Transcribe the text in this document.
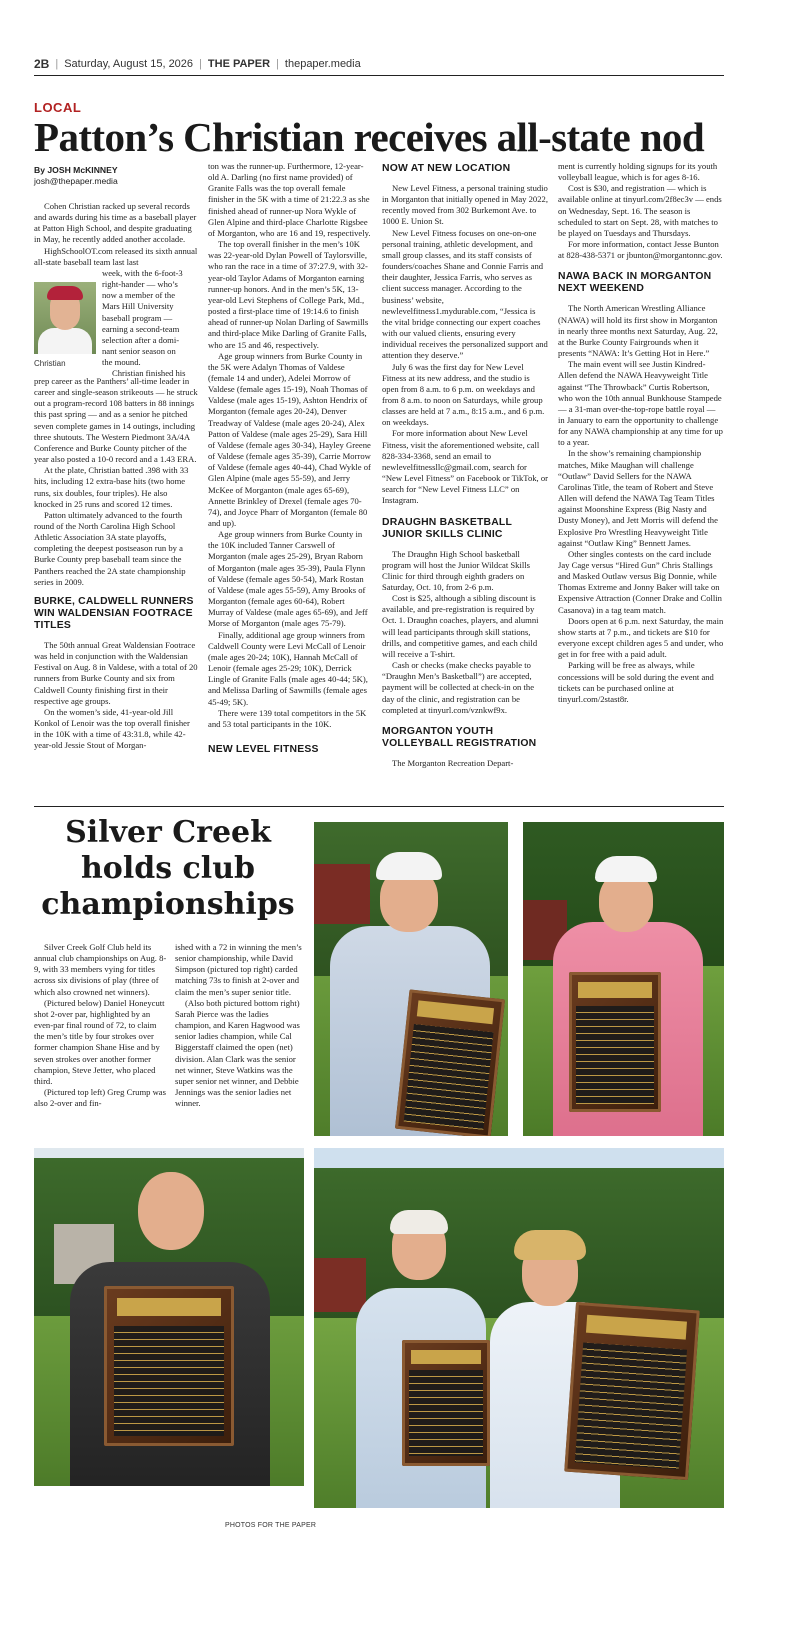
2B | Saturday, August 15, 2026 | THE PAPER | thepaper.media
LOCAL
Patton’s Christian receives all-state nod
By JOSH McKINNEY
josh@thepaper.media

Cohen Christian racked up several records and awards during his time as a baseball player at Patton High School, and despite graduating in May, he recently added another accolade.

HighSchoolOT.com released its sixth annual all-state baseball team last last

week, with the 6-foot-3
right-hander — who’s
now a member of the
Mars Hill University
baseball program —
earning a second-team
selection after a domi-
nant senior season on
the mound.
Christian finished his

prep career as the Panthers’ all-time leader in career and single-season strikeouts — he struck out a program-record 108 batters in 88 innings this past spring — and as a senior he pitched seven complete games in 14 outings, including three shutouts. The Western Piedmont 3A/4A Conference and Burke County pitcher of the year also posted a 10-0 record and a 1.43 ERA.

At the plate, Christian batted .398 with 33 hits, including 12 extra-base hits (two home runs, six doubles, four triples). He also knocked in 25 runs and scored 12 times.

Patton ultimately advanced to the fourth round of the North Carolina High School Athletic Association 3A state playoffs, completing the deepest postseason run by a Burke County prep baseball team since the Panthers reached the 2A state championship series in 2009.

BURKE, CALDWELL RUNNERS WIN WALDENSIAN FOOTRACE TITLES

The 50th annual Great Waldensian Footrace was held in conjunction with the Waldensian Festival on Aug. 8 in Valdese, with a total of 20 runners from Burke County and six from Caldwell County finishing first in their respective age groups.

On the women’s side, 41-year-old Jill Konkol of Lenoir was the top overall finisher in the 10K with a time of 43:31.8, while 42-year-old Jessie Stout of Morgan-

Christian

ton was the runner-up. Furthermore, 12-year-old A. Darling (no first name provided) of Granite Falls was the top overall female finisher in the 5K with a time of 21:22.3 as she finished ahead of runner-up Nora Wykle of Glen Alpine and third-place Charlotte Rigsbee of Morganton, who are 16 and 19, respectively.

The top overall finisher in the men’s 10K was 22-year-old Dylan Powell of Taylorsville, who ran the race in a time of 37:27.9, with 32-year-old Taylor Adams of Morganton earning runner-up honors. And in the men’s 5K, 13-year-old Levi Stephens of College Park, Md., posted a first-place time of 19:14.6 to finish ahead of runner-up Nolan Darling of Sawmills and third-place Mike Darling of Granite Falls, who are 15 and 46, respectively.

Age group winners from Burke County in the 5K were Adalyn Thomas of Valdese (female 14 and under), Adelei Morrow of Valdese (female ages 15-19), Noah Thomas of Valdese (male ages 15-19), Ashton Hendrix of Morganton (female ages 20-24), Denver Treadway of Valdese (male ages 20-24), Alex Patton of Valdese (male ages 25-29), Sara Hill of Valdese (female ages 30-34), Hayley Greene of Valdese (female ages 35-39), Carrie Morrow of Valdese (female ages 40-44), Chad Wykle of Glen Alpine (male ages 55-59), and Jerry McKee of Morganton (male ages 65-69), Annette Brinkley of Drexel (female ages 70-74), and Joyce Pharr of Morganton (female 80 and up).

Age group winners from Burke County in the 10K included Tanner Carswell of Morganton (male ages 25-29), Bryan Raborn of Morganton (male ages 35-39), Paula Flynn of Valdese (female ages 50-54), Mark Rostan of Valdese (male ages 55-59), Amy Brooks of Morganton (female ages 60-64), Robert Murray of Valdese (male ages 65-69), and Jeff Morse of Morganton (male ages 75-79).

Finally, additional age group winners from Caldwell County were Levi McCall of Lenoir (male ages 20-24; 10K), Hannah McCall of Lenoir (female ages 25-29; 10K), Derrick Lingle of Granite Falls (male ages 40-44; 5K), and Melissa Darling of Sawmills (female ages 45-49; 5K).

There were 139 total competitors in the 5K and 53 total participants in the 10K.

NEW LEVEL FITNESS
NOW AT NEW LOCATION

New Level Fitness, a personal training studio in Morganton that initially opened in May 2022, recently moved from 302 Burkemont Ave. to 1000 E. Union St.

New Level Fitness focuses on one-on-one personal training, athletic development, and small group classes, and its staff consists of founders/coaches Shane and Connie Farris and their daughter, Jessica Farris, who serves as client success manager. According to the business’ website, newlevelfitness1.mydurable.com, “Jessica is the vital bridge connecting our expert coaches with our valued clients, ensuring every individual receives the personalized support and attention they deserve.”

July 6 was the first day for New Level Fitness at its new address, and the studio is open from 8 a.m. to 6 p.m. on weekdays and from 8 a.m. to noon on Saturdays, while group classes are held at 7 a.m., 8:15 a.m., and 6 p.m. on weekdays.

For more information about New Level Fitness, visit the aforementioned website, call 828-334-3368, send an email to newlevelfitnessllc@gmail.com, search for “New Level Fitness” on Facebook or TikTok, or search for “New Level Fitness LLC” on Instagram.

DRAUGHN BASKETBALL JUNIOR SKILLS CLINIC

The Draughn High School basketball program will host the Junior Wildcat Skills Clinic for third through eighth graders on Saturday, Oct. 10, from 2-6 p.m.

Cost is $25, although a sibling discount is available, and pre-registration is required by Oct. 1. Draughn coaches, players, and alumni will lead participants through skill stations, drills, and competitive games, and each child will receive a T-shirt.

Cash or checks (make checks payable to “Draughn Men’s Basketball”) are accepted, payment will be collected at check-in on the day of the clinic, and registration can be completed at tinyurl.com/vznkwf9x.

MORGANTON YOUTH VOLLEYBALL REGISTRATION

The Morganton Recreation Depart-

ment is currently holding signups for its youth volleyball league, which is for ages 8-16.

Cost is $30, and registration — which is available online at tinyurl.com/2f8ec3v — ends on Wednesday, Sept. 16. The season is scheduled to start on Sept. 28, with matches to be played on Tuesdays and Thursdays.

For more information, contact Jesse Bunton at 828-438-5371 or jbunton@morgantonnc.gov.

NAWA BACK IN MORGANTON NEXT WEEKEND

The North American Wrestling Alliance (NAWA) will hold its first show in Morganton in nearly three months next Saturday, Aug. 22, at the Burke County Fairgrounds when it presents “NAWA: It’s Getting Hot in Here.”

The main event will see Justin Kindred-Allen defend the NAWA Heavyweight Title against “The Throwback” Curtis Robertson, who won the 10th annual Bunkhouse Stampede — a 31-man over-the-top-rope battle royal — in January to earn the opportunity to challenge for any NAWA championship at any time for up to a year.

In the show’s remaining championship matches, Mike Maughan will challenge “Outlaw” David Sellers for the NAWA Carolinas Title, the team of Robert and Steve Allen will defend the NAWA Tag Team Titles against Moonshine Express (Big Nasty and Dusty Money), and Jett Morris will defend the Explosive Pro Wrestling Heavyweight Title against “Outlaw King” Bennett James.

Other singles contests on the card include Jay Cage versus “Hired Gun” Chris Stallings and Masked Outlaw versus Big Donnie, while Thomas Extreme and Jonny Baker will take on Expensive Attraction (Conner Drake and Collin Casanova) in a tag team match.

Doors open at 6 p.m. next Saturday, the main show starts at 7 p.m., and tickets are $10 for everyone except children ages 5 and under, who get in for free with a paid adult.

Parking will be free as always, while concessions will be sold during the event and tickets can be purchased online at tinyurl.com/2stast8r.

Silver Creek holds club championships

Silver Creek Golf Club held its annual club championships on Aug. 8-9, with 33 members vying for titles across six divisions of play (three of which also crowned net winners).

(Pictured below) Daniel Honeycutt shot 2-over par, highlighted by an even-par final round of 72, to claim the men’s title by four strokes over former champion Shane Hise and by seven strokes over another former champion, Steve Jetter, who placed third.

(Pictured top left) Greg Crump was also 2-over and fin-

ished with a 72 in winning the men’s senior championship, while David Simpson (pictured top right) carded matching 73s to finish at 2-over and claim the men’s super senior title.

(Also both pictured bottom right) Sarah Pierce was the ladies champion, and Karen Hagwood was senior ladies champion, while Cal Biggerstaff claimed the open (net) division. Alan Clark was the senior net winner, Steve Watkins was the super senior net winner, and Debbie Jennings was the senior ladies net winner.

PHOTOS FOR THE PAPER
